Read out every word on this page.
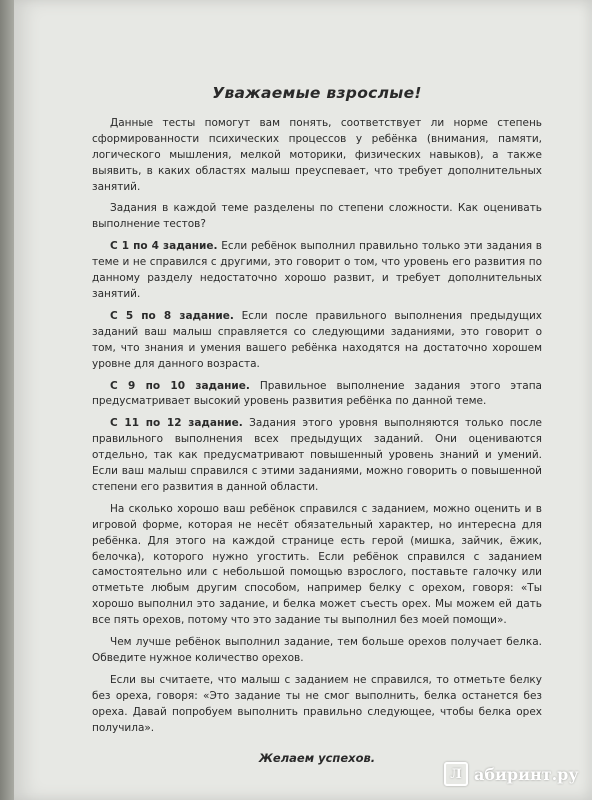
Уважаемые взрослые!

Данные тесты помогут вам понять, соответствует ли норме степень сформированности психических процессов у ребёнка (внимания, памяти, логического мышления, мелкой моторики, физических навыков), а также выявить, в каких областях малыш преуспевает, что требует дополнительных занятий.

Задания в каждой теме разделены по степени сложности. Как оценивать выполнение тестов?

С 1 по 4 задание. Если ребёнок выполнил правильно только эти задания в теме и не справился с другими, это говорит о том, что уровень его развития по данному разделу недостаточно хорошо развит, и требует дополнительных занятий.

С 5 по 8 задание. Если после правильного выполнения предыдущих заданий ваш малыш справляется со следующими заданиями, это говорит о том, что знания и умения вашего ребёнка находятся на достаточно хорошем уровне для данного возраста.

С 9 по 10 задание. Правильное выполнение задания этого этапа предусматривает высокий уровень развития ребёнка по данной теме.

С 11 по 12 задание. Задания этого уровня выполняются только после правильного выполнения всех предыдущих заданий. Они оцениваются отдельно, так как предусматривают повышенный уровень знаний и умений. Если ваш малыш справился с этими заданиями, можно говорить о повышенной степени его развития в данной области.

На сколько хорошо ваш ребёнок справился с заданием, можно оценить и в игровой форме, которая не несёт обязательный характер, но интересна для ребёнка. Для этого на каждой странице есть герой (мишка, зайчик, ёжик, белочка), которого нужно угостить. Если ребёнок справился с заданием самостоятельно или с небольшой помощью взрослого, поставьте галочку или отметьте любым другим способом, например белку с орехом, говоря: «Ты хорошо выполнил это задание, и белка может съесть орех. Мы можем ей дать все пять орехов, потому что это задание ты выполнил без моей помощи».

Чем лучше ребёнок выполнил задание, тем больше орехов получает белка. Обведите нужное количество орехов.

Если вы считаете, что малыш с заданием не справился, то отметьте белку без ореха, говоря: «Это задание ты не смог выполнить, белка останется без ореха. Давай попробуем выполнить правильно следующее, чтобы белка орех получила».

Желаем успехов.
Л абиринт.ру
